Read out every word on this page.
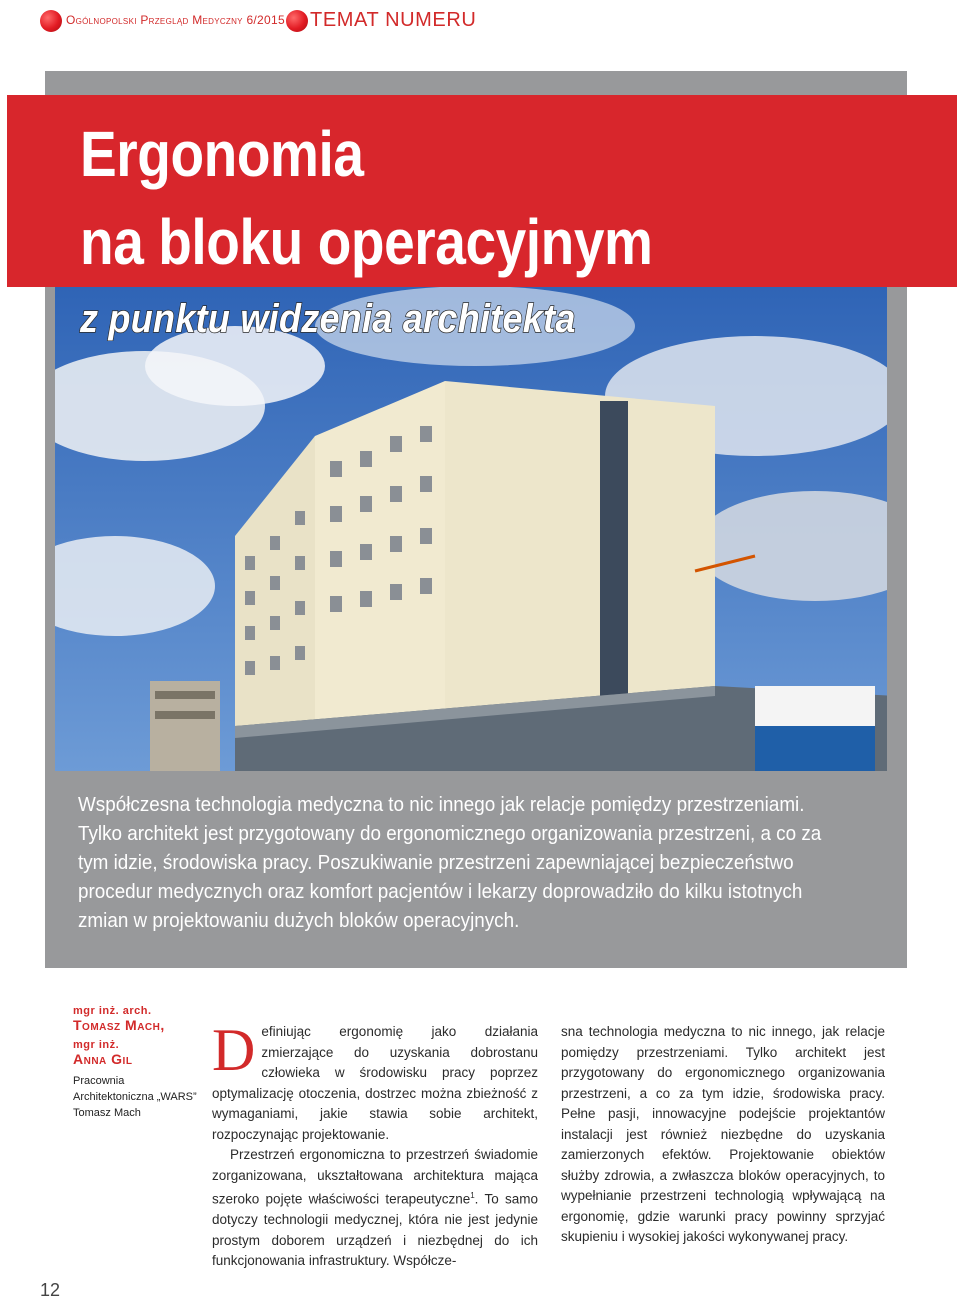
Ogólnopolski Przegląd Medyczny 6/2015 TEMAT NUMERU
Ergonomia
na bloku operacyjnym
z punktu widzenia architekta

Współczesna technologia medyczna to nic innego jak relacje pomiędzy przestrzeniami. Tylko architekt jest przygotowany do ergonomicznego organizowania przestrzeni, a co za tym idzie, środowiska pracy. Poszukiwanie przestrzeni zapewniającej bezpieczeństwo procedur medycznych oraz komfort pacjentów i lekarzy doprowadziło do kilku istotnych zmian w projektowaniu dużych bloków operacyjnych.

mgr inż. arch.
Tomasz Mach,
mgr inż.
Anna Gil
Pracownia
Architektoniczna „WARS”
Tomasz Mach

Definiując ergonomię jako działania zmierzające do uzyskania dobrostanu człowieka w środowisku pracy poprzez optymalizację otoczenia, dostrzec można zbieżność z wymaganiami, jakie stawia sobie architekt, rozpoczynając projektowanie.

Przestrzeń ergonomiczna to przestrzeń świadomie zorganizowana, ukształtowana architektura mająca szeroko pojęte właściwości terapeutyczne$^1$. To samo dotyczy technologii medycznej, która nie jest jedynie prostym doborem urządzeń i niezbędnej do ich funkcjonowania infrastruktury. Współcze-

sna technologia medyczna to nic innego, jak relacje pomiędzy przestrzeniami. Tylko architekt jest przygotowany do ergonomicznego organizowania przestrzeni, a co za tym idzie, środowiska pracy. Pełne pasji, innowacyjne podejście projektantów instalacji jest również niezbędne do uzyskania zamierzonych efektów. Projektowanie obiektów służby zdrowia, a zwłaszcza bloków operacyjnych, to wypełnianie przestrzeni technologią wpływającą na ergonomię, gdzie warunki pracy powinny sprzyjać skupieniu i wysokiej jakości wykonywanej pracy.

12
